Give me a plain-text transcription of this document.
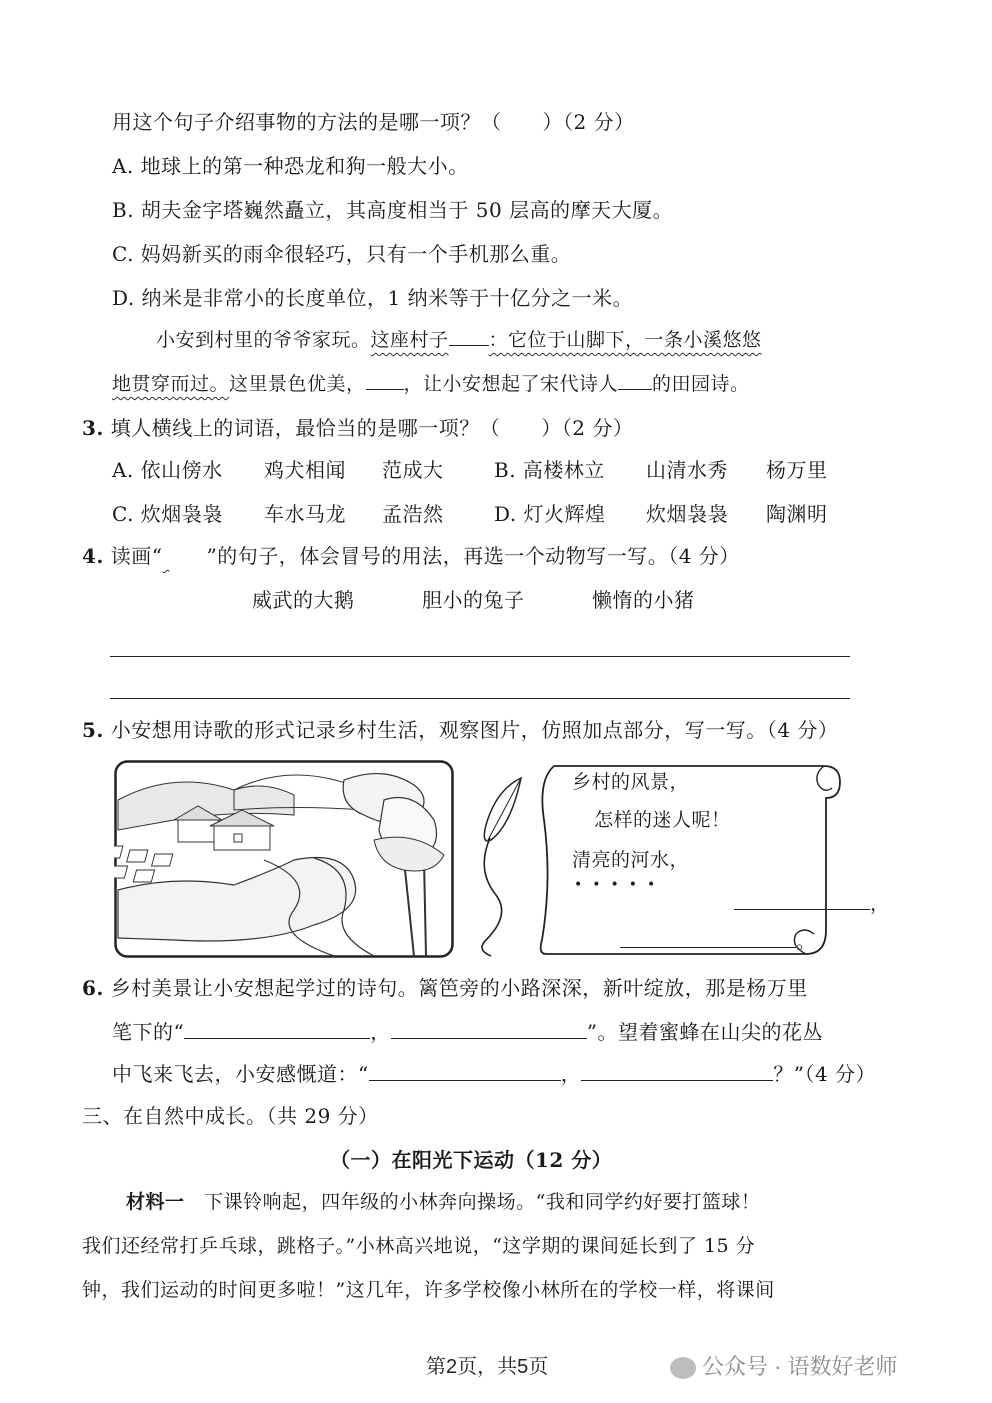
用这个句子介绍事物的方法的是哪一项？（　　）（2 分）
A. 地球上的第一种恐龙和狗一般大小。
B. 胡夫金字塔巍然矗立，其高度相当于 50 层高的摩天大厦。
C. 妈妈新买的雨伞很轻巧，只有一个手机那么重。
D. 纳米是非常小的长度单位，1 纳米等于十亿分之一米。
小安到村里的爷爷家玩。这座村子 ：它位于山脚下，一条小溪悠悠
地贯穿而过。这里景色优美， ，让小安想起了宋代诗人 的田园诗。
3. 填人横线上的词语，最恰当的是哪一项？（　　）（2 分）
A. 依山傍水 鸡犬相闻 范成大	B. 高楼林立 山清水秀 杨万里
C. 炊烟袅袅 车水马龙 孟浩然	D. 灯火辉煌 炊烟袅袅 陶渊明
4. 读画“ ”的句子，体会冒号的用法，再选一个动物写一写。（4 分）
威武的大鹅	胆小的兔子	懒惰的小猪
5. 小安想用诗歌的形式记录乡村生活，观察图片，仿照加点部分，写一写。（4 分）
乡村的风景，
怎样的迷人呢！
清亮的河水，
•••••
，
。
6. 乡村美景让小安想起学过的诗句。篱笆旁的小路深深，新叶绽放，那是杨万里
笔下的“	，	”。望着蜜蜂在山尖的花丛
中飞来飞去，小安感慨道：“	，	？”（4 分）
三、在自然中成长。（共 29 分）
（一）在阳光下运动（12 分）
材料一 下课铃响起，四年级的小林奔向操场。“我和同学约好要打篮球！
我们还经常打乒乓球，跳格子。”小林高兴地说，“这学期的课间延长到了 15 分
钟，我们运动的时间更多啦！”这几年，许多学校像小林所在的学校一样，将课间
第2页，共5页	公众号 · 语数好老师
